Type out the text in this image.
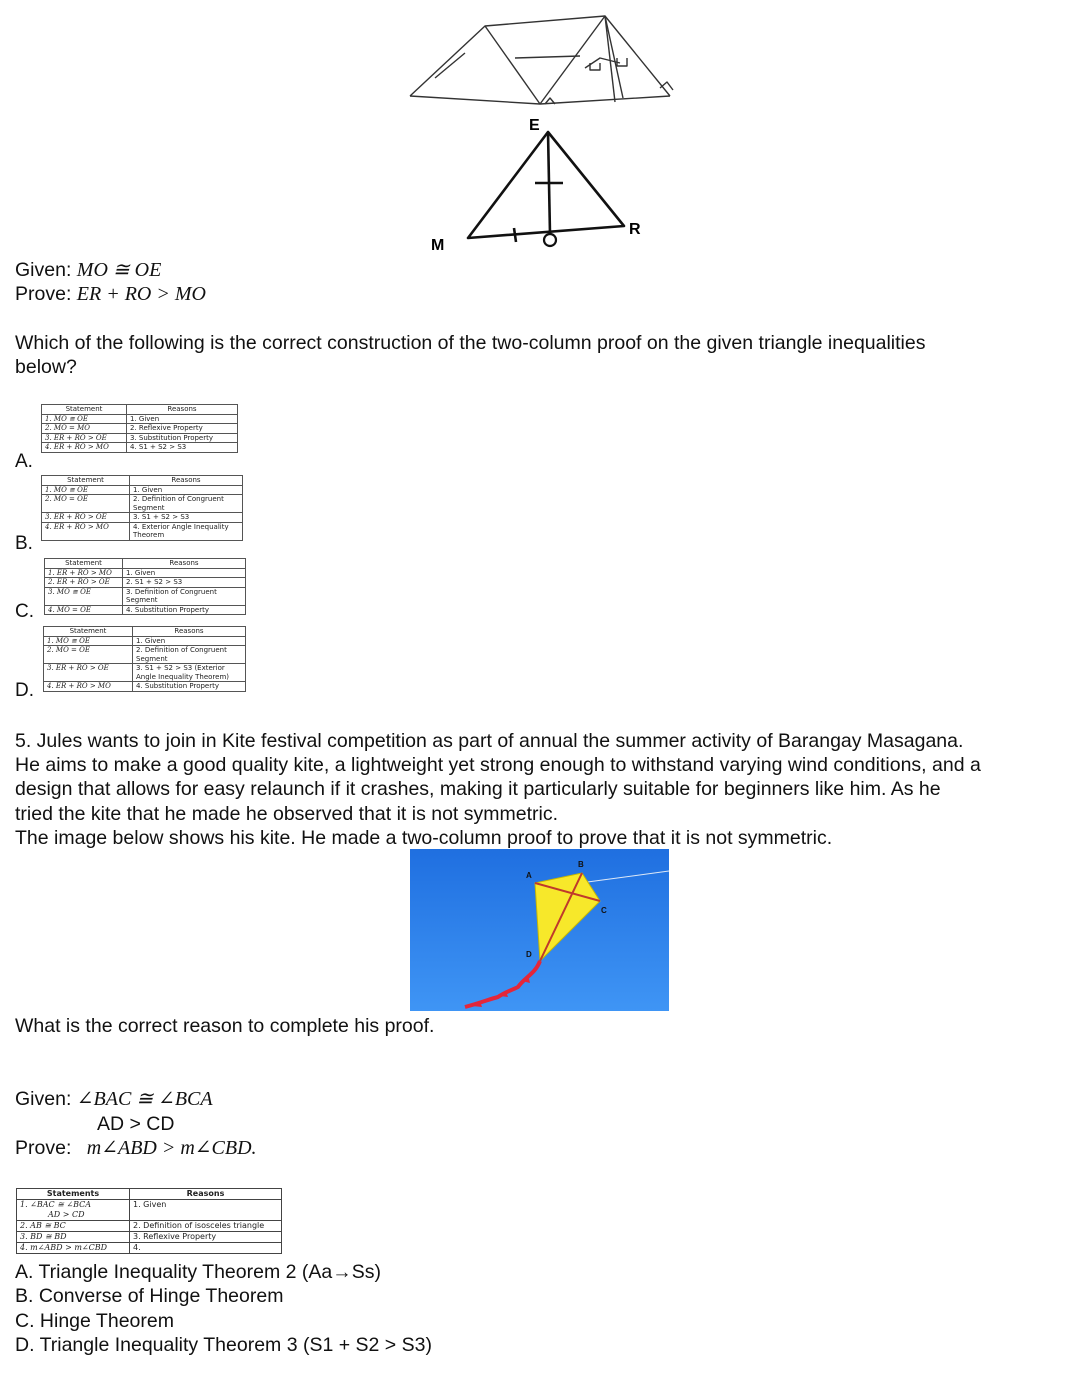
E
M
R
Given: MO ≅ OE
Prove: ER + RO > MO
Which of the following is the correct construction of the two-column proof on the given triangle inequalities
below?
A.
Statement	Reasons
1. MO ≅ OE	1. Given
2. MO = MO	2. Reflexive Property
3. ER + RO > OE	3. Substitution Property
4. ER + RO > MO	4. S1 + S2 > S3
B.
Statement	Reasons
1. MO ≅ OE	1. Given
2. MO = OE	2. Definition of Congruent Segment
3. ER + RO > OE	3. S1 + S2 > S3
4. ER + RO > MO	4. Exterior Angle Inequality Theorem
C.
Statement	Reasons
1. ER + RO > MO	1. Given
2. ER + RO > OE	2. S1 + S2 > S3
3. MO ≅ OE	3. Definition of Congruent Segment
4. MO = OE	4. Substitution Property
D.
Statement	Reasons
1. MO ≅ OE	1. Given
2. MO = OE	2. Definition of Congruent Segment
3. ER + RO > OE	3. S1 + S2 > S3 (Exterior Angle Inequality Theorem)
4. ER + RO > MO	4. Substitution Property
5. Jules wants to join in Kite festival competition as part of annual the summer activity of Barangay Masagana.
He aims to make a good quality kite, a lightweight yet strong enough to withstand varying wind conditions, and a
design that allows for easy relaunch if it crashes, making it particularly suitable for beginners like him. As he
tried the kite that he made he observed that it is not symmetric.
The image below shows his kite. He made a two-column proof to prove that it is not symmetric.
A
B
C
D
What is the correct reason to complete his proof.
Given: ∠BAC ≅ ∠BCA
AD > CD
Prove: m∠ABD > m∠CBD.
Statements	Reasons

1. ∠BAC ≅ ∠BCA
AD > CD	1. Given
2. AB ≅ BC	2. Definition of isosceles triangle
3. BD ≅ BD	3. Reflexive Property
4. m∠ABD > m∠CBD	4.
A. Triangle Inequality Theorem 2 (Aa→Ss)
B. Converse of Hinge Theorem
C. Hinge Theorem
D. Triangle Inequality Theorem 3 (S1 + S2 > S3)
